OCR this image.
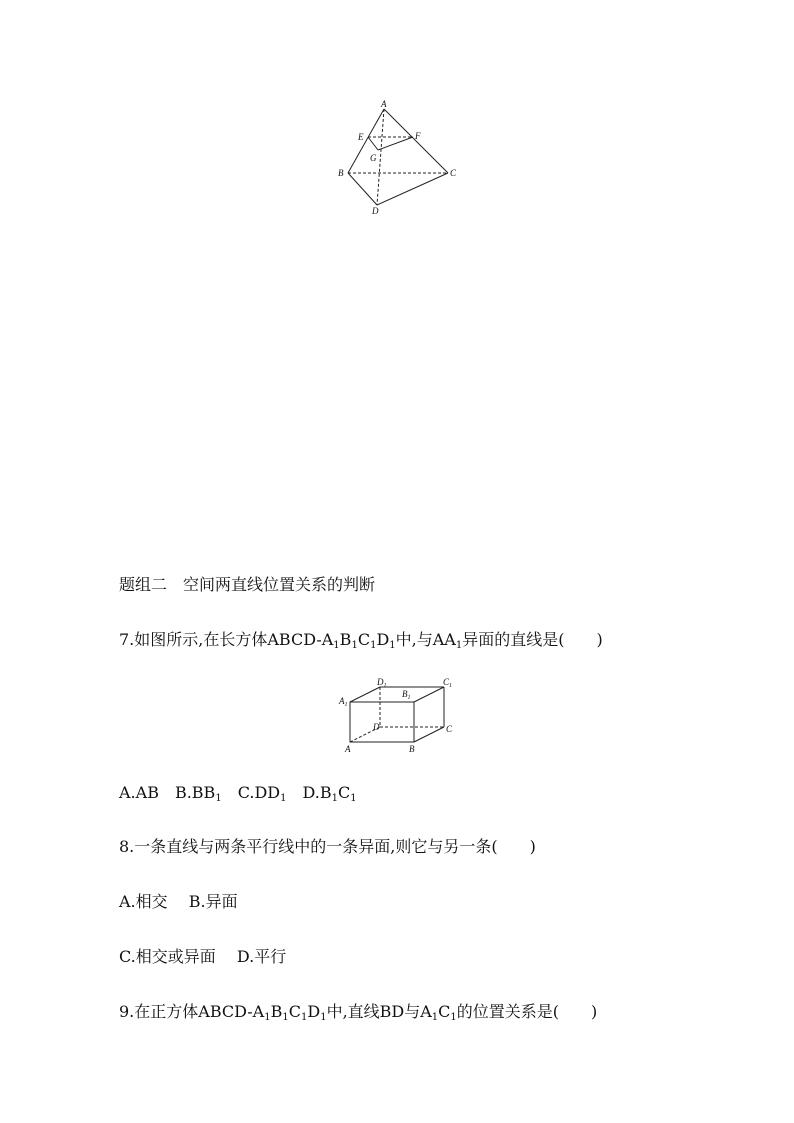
A
B	C
D
E	F
G
题组二　空间两直线位置关系的判断
7.如图所示,在长方体ABCD-$A_1B_1C_1D_1$中,与$AA_1$异面的直线是(　　)
A	B
C
D
$A_1$
$B_1$
$C_1$
$D_1$
A.AB　$B.BB_1$　$C.DD_1$　$D.B_1C_1$
8.一条直线与两条平行线中的一条异面,则它与另一条(　　)
A.相交　 B.异面
C.相交或异面　 D.平行
9.在正方体ABCD-$A_1B_1C_1D_1$中,直线BD与$A_1C_1$的位置关系是(　　)
